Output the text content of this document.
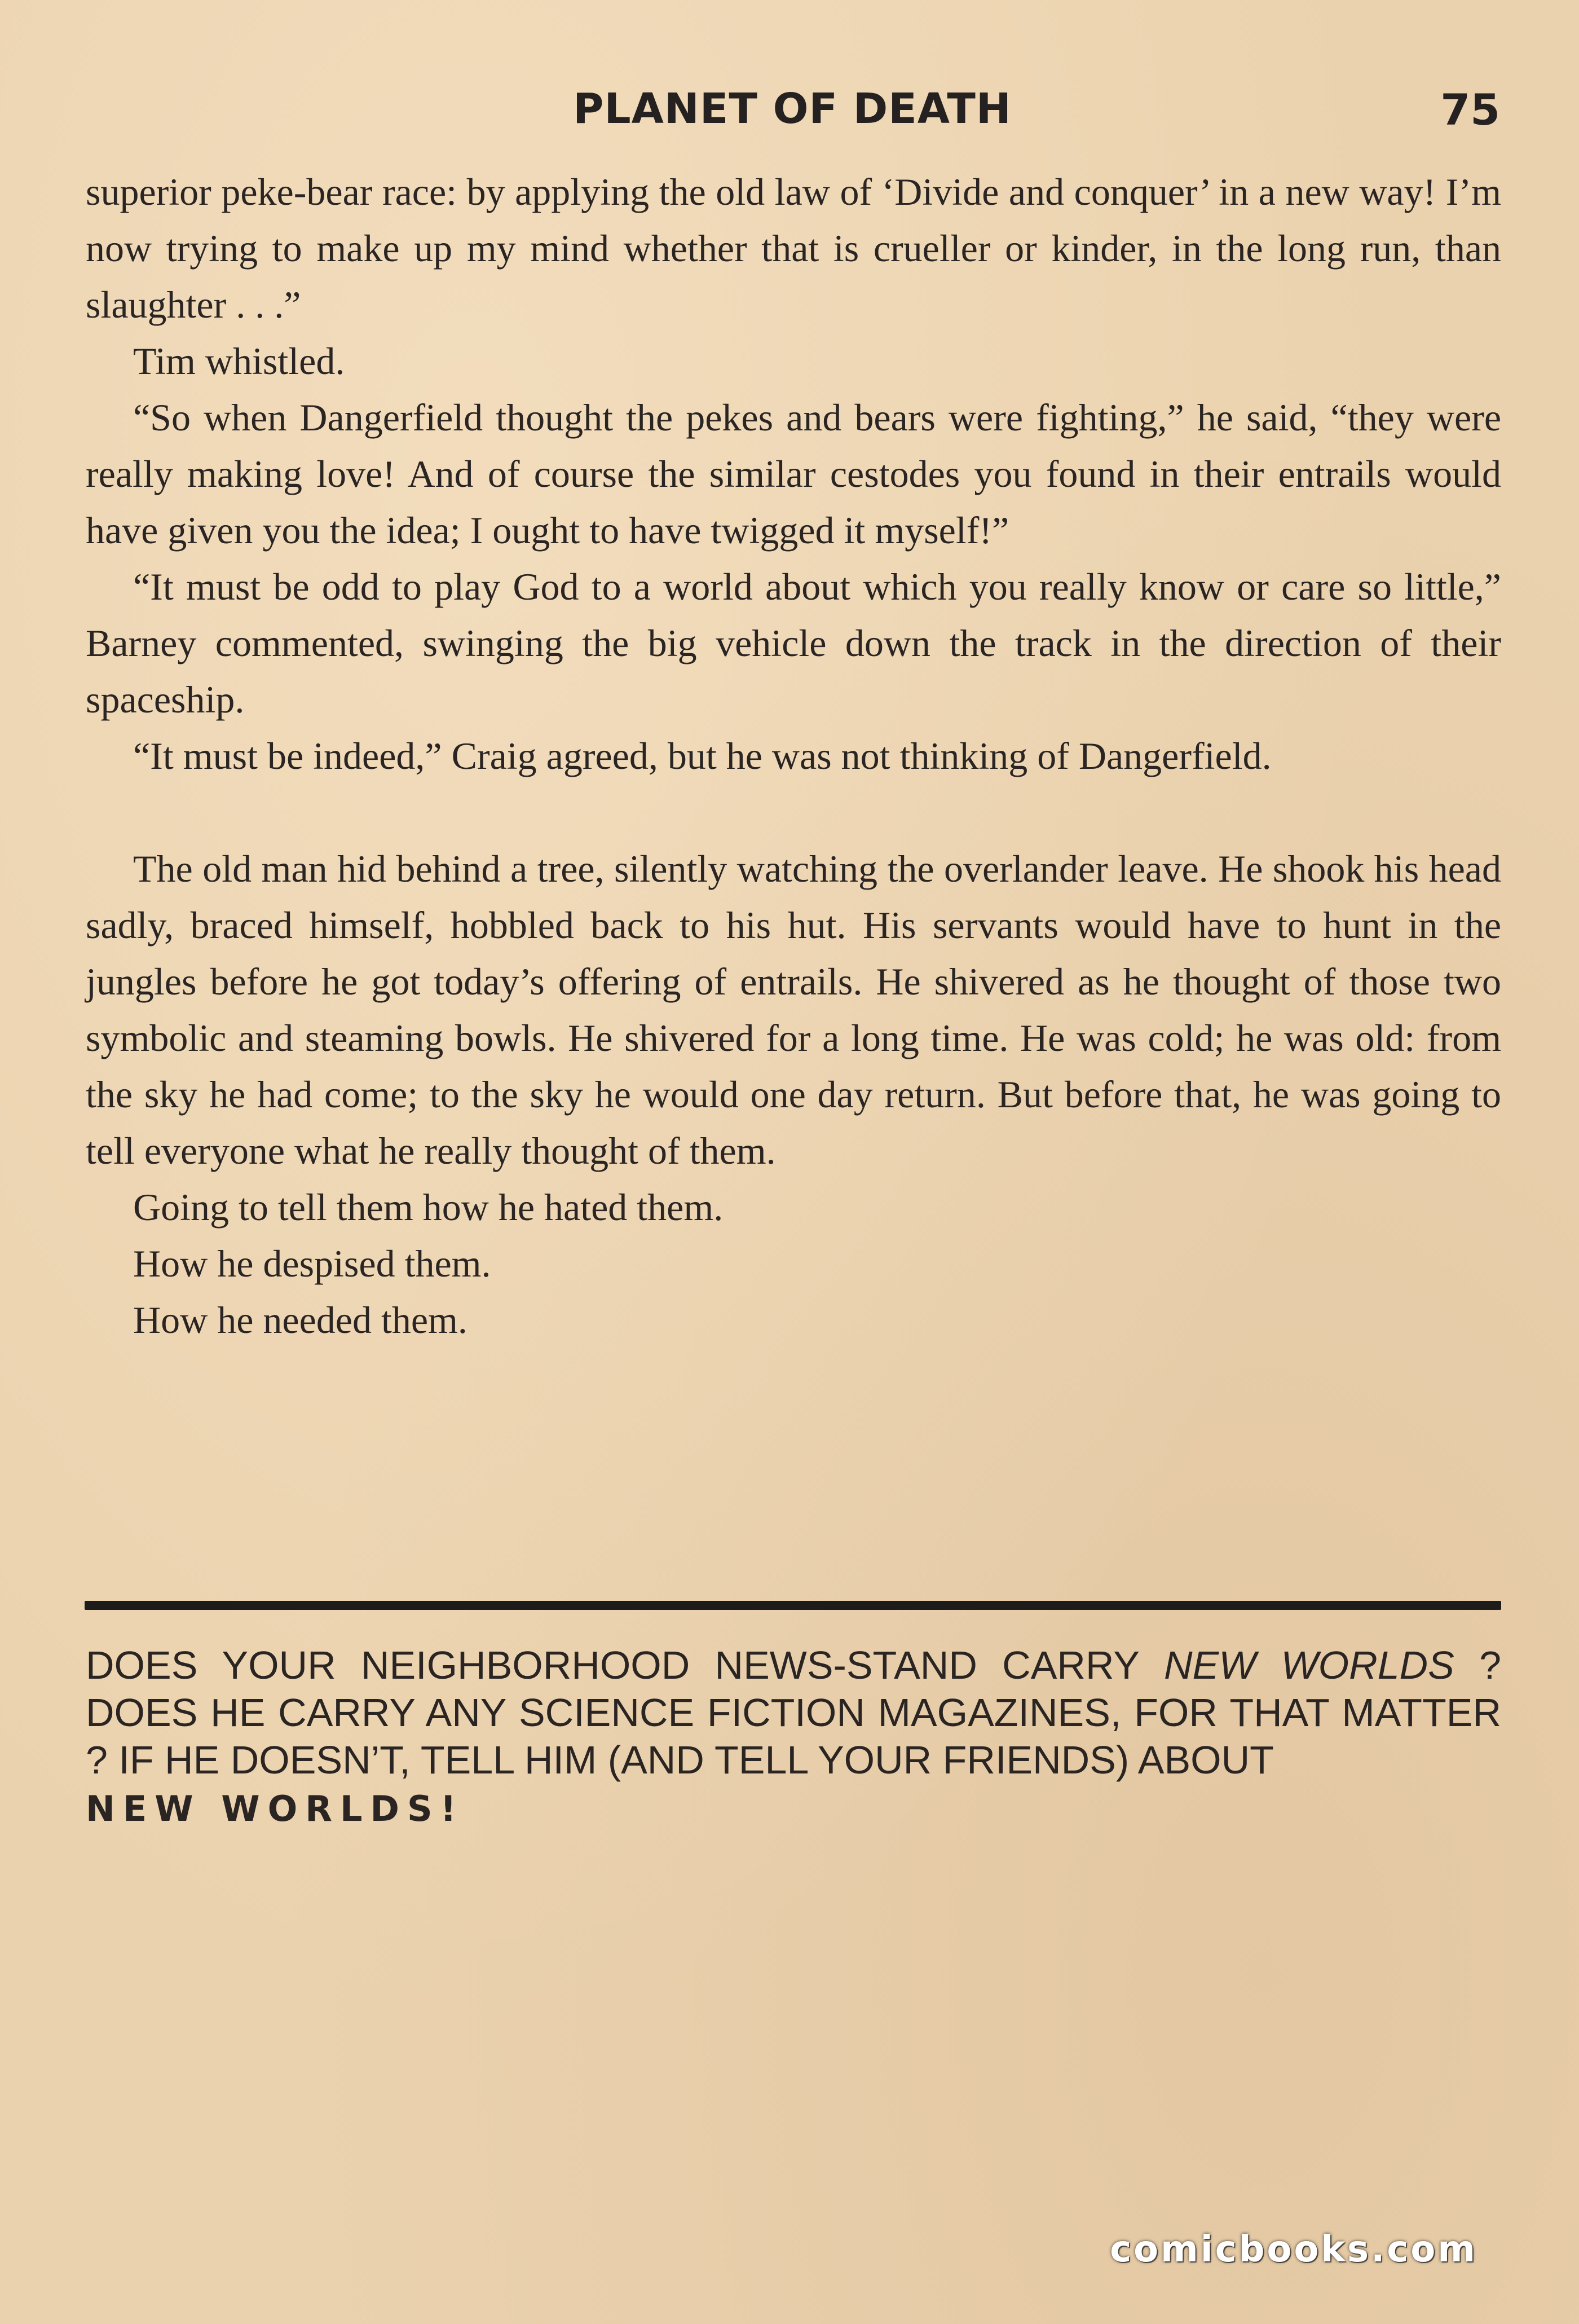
PLANET OF DEATH	75

superior peke-bear race: by applying the old law of ‘Divide and conquer’ in a new way! I’m now trying to make up my mind whether that is crueller or kinder, in the long run, than slaughter . . .”

Tim whistled.

“So when Dangerfield thought the pekes and bears were fighting,” he said, “they were really making love! And of course the similar cestodes you found in their entrails would have given you the idea; I ought to have twigged it myself!”

“It must be odd to play God to a world about which you really know or care so little,” Barney commented, swinging the big vehicle down the track in the direction of their spaceship.

“It must be indeed,” Craig agreed, but he was not thinking of Dangerfield.

The old man hid behind a tree, silently watching the overlander leave. He shook his head sadly, braced himself, hobbled back to his hut. His servants would have to hunt in the jungles before he got today’s offering of entrails. He shivered as he thought of those two symbolic and steaming bowls. He shivered for a long time. He was cold; he was old: from the sky he had come; to the sky he would one day return. But before that, he was going to tell everyone what he really thought of them.

Going to tell them how he hated them.

How he despised them.

How he needed them.

DOES YOUR NEIGHBORHOOD NEWS-STAND CARRY NEW WORLDS ? DOES HE CARRY ANY SCIENCE FICTION MAGAZINES, FOR THAT MATTER ? IF HE DOESN’T, TELL HIM (AND TELL YOUR FRIENDS) ABOUT
NEW WORLDS!
comicbooks.com
